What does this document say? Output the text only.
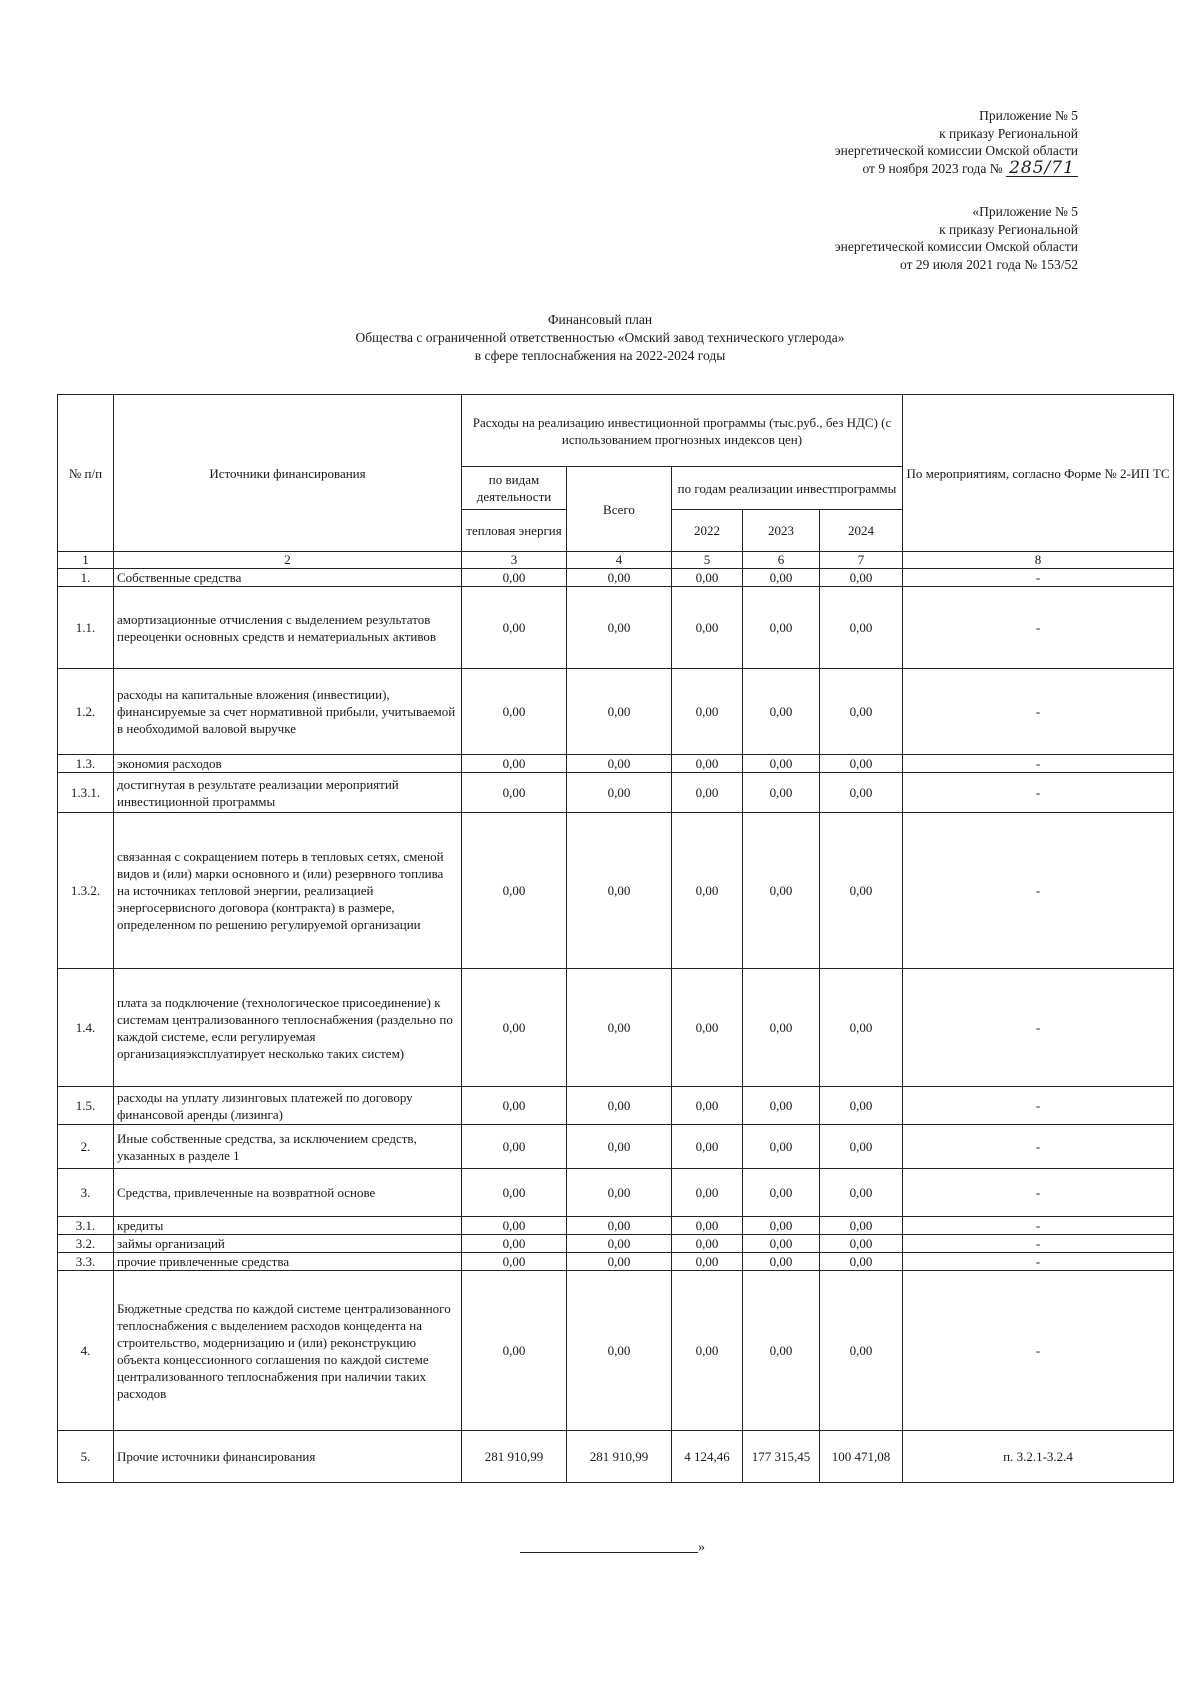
Приложение № 5
к приказу Региональной
энергетической комиссии Омской области
от 9 ноября 2023 года № 285/71
«Приложение № 5
к приказу Региональной
энергетической комиссии Омской области
от 29 июля 2021 года № 153/52
Финансовый план
Общества с ограниченной ответственностью «Омский завод технического углерода»
в сфере теплоснабжения на 2022-2024 годы
№ п/п	Источники финансирования	Расходы на реализацию инвестиционной программы (тыс.руб., без НДС) (с использованием прогнозных индексов цен)					По мероприятиям, согласно Форме № 2-ИП ТС
		по видам деятельности	Всего	по годам реализации инвестпрограммы			
		тепловая энергия		2022	2023	2024	
1	2	3	4	5	6	7	8
1.	Собственные средства	0,00	0,00	0,00	0,00	0,00	-
1.1.	амортизационные отчисления с выделением результатов переоценки основных средств и нематериальных активов	0,00	0,00	0,00	0,00	0,00	-
1.2.	расходы на капитальные вложения (инвестиции), финансируемые за счет нормативной прибыли, учитываемой в необходимой валовой выручке	0,00	0,00	0,00	0,00	0,00	-
1.3.	экономия расходов	0,00	0,00	0,00	0,00	0,00	-
1.3.1.	достигнутая в результате реализации мероприятий инвестиционной программы	0,00	0,00	0,00	0,00	0,00	-
1.3.2.	связанная с сокращением потерь в тепловых сетях, сменой видов и (или) марки основного и (или) резервного топлива на источниках тепловой энергии, реализацией энергосервисного договора (контракта) в размере, определенном по решению регулируемой организации	0,00	0,00	0,00	0,00	0,00	-
1.4.	плата за подключение (технологическое присоединение) к системам централизованного теплоснабжения (раздельно по каждой системе, если регулируемая организацияэксплуатирует несколько таких систем)	0,00	0,00	0,00	0,00	0,00	-
1.5.	расходы на уплату лизинговых платежей по договору финансовой аренды (лизинга)	0,00	0,00	0,00	0,00	0,00	-
2.	Иные собственные средства, за исключением средств, указанных в разделе 1	0,00	0,00	0,00	0,00	0,00	-
3.	Средства, привлеченные на возвратной основе	0,00	0,00	0,00	0,00	0,00	-
3.1.	кредиты	0,00	0,00	0,00	0,00	0,00	-
3.2.	займы организаций	0,00	0,00	0,00	0,00	0,00	-
3.3.	прочие привлеченные средства	0,00	0,00	0,00	0,00	0,00	-
4.	Бюджетные средства по каждой системе централизованного теплоснабжения с выделением расходов концедента на строительство, модернизацию и (или) реконструкцию объекта концессионного соглашения по каждой системе централизованного теплоснабжения при наличии таких расходов	0,00	0,00	0,00	0,00	0,00	-
5.	Прочие источники финансирования	281 910,99	281 910,99	4 124,46	177 315,45	100 471,08	п. 3.2.1-3.2.4
»
